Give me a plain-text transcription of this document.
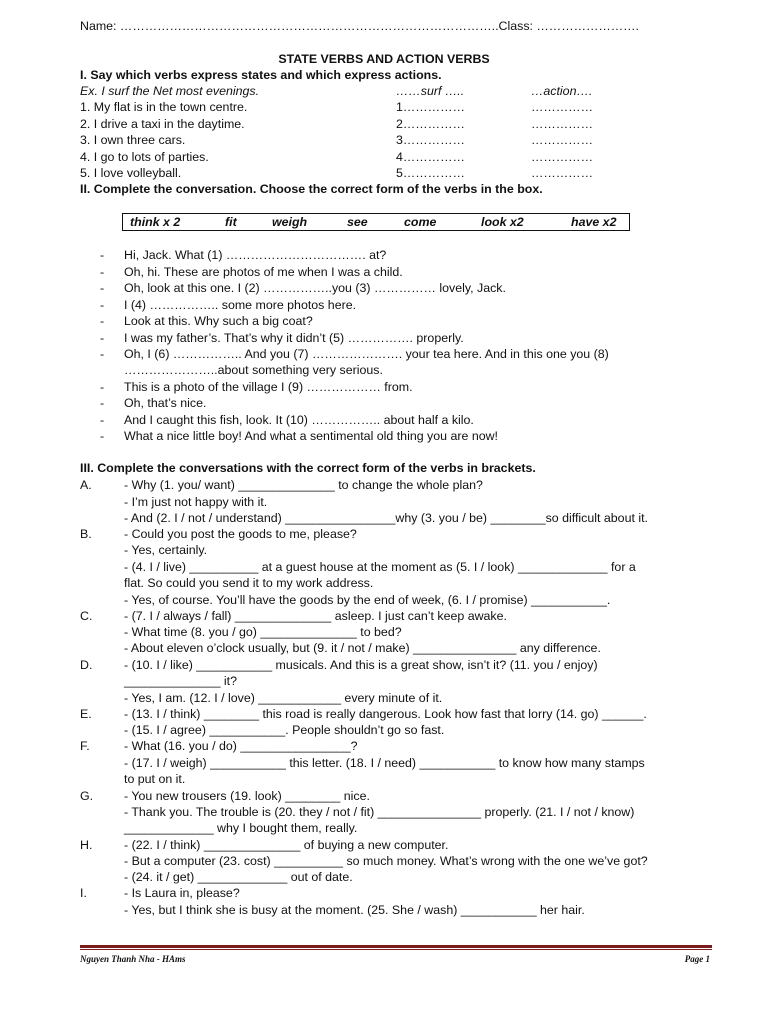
Name: ………………………………………………………………………………..Class: …………………….
STATE VERBS AND ACTION VERBS
I. Say which verbs express states and which express actions.
Ex. I surf the Net most evenings.	……surf …..	…action….
1. My flat is in the town centre.	1……………	……………
2. I drive a taxi in the daytime.	2……………	……………
3. I own three cars.	3……………	……………
4. I go to lots of parties.	4……………	……………
5. I love volleyball.	5……………	……………
II. Complete the conversation. Choose the correct form of the verbs in the box.
think x 2	fit	weigh	see	come	look x2	have x2
-	Hi, Jack. What (1) ……………………………. at?
-	Oh, hi. These are photos of me when I was a child.
-	Oh, look at this one. I (2) ……………..you (3) …………… lovely, Jack.
-	I (4) …………….. some more photos here.
-	Look at this. Why such a big coat?
-	I was my father’s. That’s why it didn’t (5) ……………. properly.
-	Oh, I (6) …………….. And you (7) …………………. your tea here. And in this one you (8)
…………………..about something very serious.
-	This is a photo of the village I (9) ……………… from.
-	Oh, that’s nice.
-	And I caught this fish, look. It (10) …………….. about half a kilo.
-	What a nice little boy! And what a sentimental old thing you are now!
III. Complete the conversations with the correct form of the verbs in brackets.
A.	- Why (1. you/ want) ______________ to change the whole plan?
- I’m just not happy with it.
- And (2. I / not / understand) ________________why (3. you / be) ________so difficult about it.
B.	- Could you post the goods to me, please?
- Yes, certainly.
- (4. I / live) __________ at a guest house at the moment as (5. I / look) _____________ for a
flat. So could you send it to my work address.
- Yes, of course. You’ll have the goods by the end of week, (6. I / promise) ___________.
C.	- (7. I / always / fall) ______________ asleep. I just can’t keep awake.
- What time (8. you / go) ______________ to bed?
- About eleven o’clock usually, but (9. it / not / make) _______________ any difference.
D.	- (10. I / like) ___________ musicals. And this is a great show, isn’t it? (11. you / enjoy)
______________ it?
- Yes, I am. (12. I / love) ____________ every minute of it.
E.	- (13. I / think) ________ this road is really dangerous. Look how fast that lorry (14. go) ______.
- (15. I / agree) ___________. People shouldn’t go so fast.
F.	- What (16. you / do) ________________?
- (17. I / weigh) ___________ this letter. (18. I / need) ___________ to know how many stamps
to put on it.
G. - You new trousers (19. look) ________ nice.
- Thank you. The trouble is (20. they / not / fit) _______________ properly. (21. I / not / know)
_____________ why I bought them, really.
H.	- (22. I / think) ______________ of buying a new computer.
- But a computer (23. cost) __________ so much money. What’s wrong with the one we’ve got?
- (24. it / get) _____________ out of date.
I.	- Is Laura in, please?
- Yes, but I think she is busy at the moment. (25. She / wash) ___________ her hair.
Nguyen Thanh Nha - HAms	Page 1
